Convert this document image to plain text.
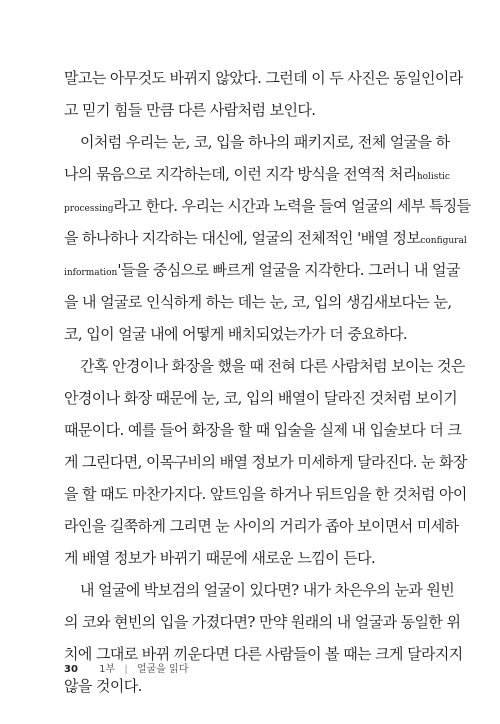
말고는 아무것도 바뀌지 않았다. 그런데 이 두 사진은 동일인이라
고 믿기 힘들 만큼 다른 사람처럼 보인다.
이처럼 우리는 눈, 코, 입을 하나의 패키지로, 전체 얼굴을 하
나의 묶음으로 지각하는데, 이런 지각 방식을 전역적 처리holistic
processing라고 한다. 우리는 시간과 노력을 들여 얼굴의 세부 특징들
을 하나하나 지각하는 대신에, 얼굴의 전체적인 '배열 정보configural
information'들을 중심으로 빠르게 얼굴을 지각한다. 그러니 내 얼굴
을 내 얼굴로 인식하게 하는 데는 눈, 코, 입의 생김새보다는 눈,
코, 입이 얼굴 내에 어떻게 배치되었는가가 더 중요하다.
간혹 안경이나 화장을 했을 때 전혀 다른 사람처럼 보이는 것은
안경이나 화장 때문에 눈, 코, 입의 배열이 달라진 것처럼 보이기
때문이다. 예를 들어 화장을 할 때 입술을 실제 내 입술보다 더 크
게 그린다면, 이목구비의 배열 정보가 미세하게 달라진다. 눈 화장
을 할 때도 마찬가지다. 앞트임을 하거나 뒤트임을 한 것처럼 아이
라인을 길쭉하게 그리면 눈 사이의 거리가 좁아 보이면서 미세하
게 배열 정보가 바뀌기 때문에 새로운 느낌이 든다.
내 얼굴에 박보검의 얼굴이 있다면? 내가 차은우의 눈과 원빈
의 코와 현빈의 입을 가졌다면? 만약 원래의 내 얼굴과 동일한 위
치에 그대로 바뀌 끼운다면 다른 사람들이 볼 때는 크게 달라지지
않을 것이다.
30 1부 | 얼굴을 읽다
